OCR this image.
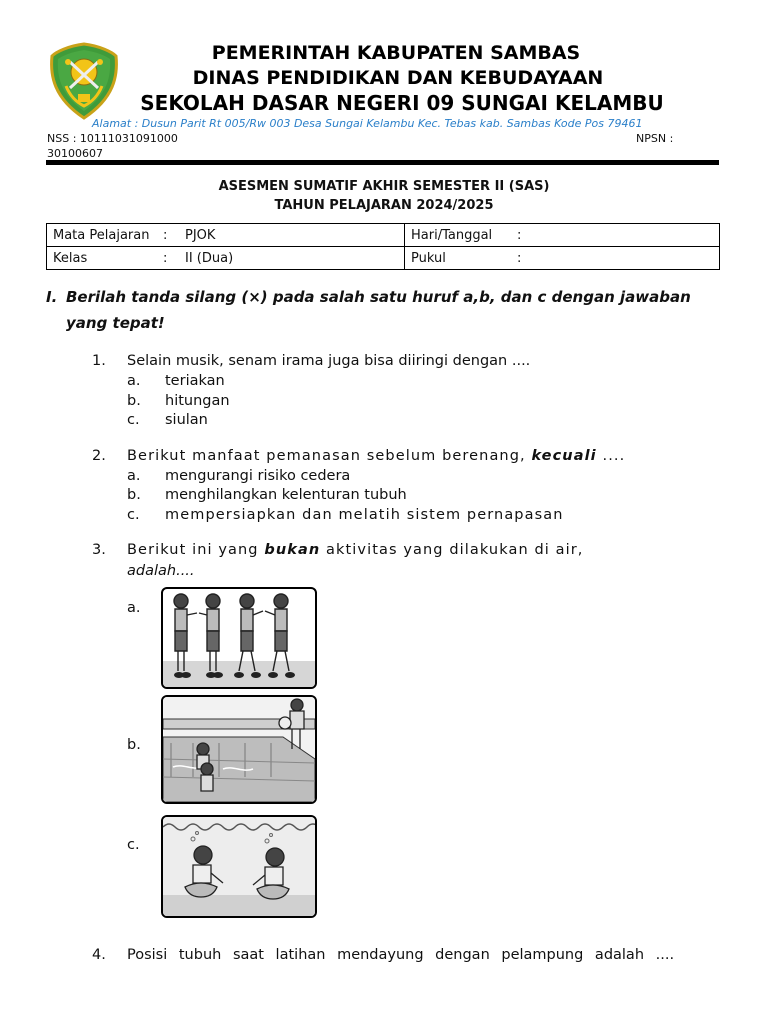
PEMERINTAH KABUPATEN SAMBAS
DINAS PENDIDIKAN DAN KEBUDAYAAN
SEKOLAH DASAR NEGERI 09 SUNGAI KELAMBU
Alamat : Dusun Parit Rt 005/Rw 003 Desa Sungai Kelambu Kec. Tebas kab. Sambas Kode Pos 79461
NSS : 10111031091000	NPSN :
30100607
ASESMEN SUMATIF AKHIR SEMESTER II (SAS)
TAHUN PELAJARAN 2024/2025
Mata Pelajaran : PJOK	Hari/Tanggal :
Kelas : II (Dua)	Pukul :
I. Berilah tanda silang (×) pada salah satu huruf a,b, dan c dengan jawaban
yang tepat!
1. Selain musik, senam irama juga bisa diiringi dengan ....
a. teriakan
b. hitungan
c. siulan
2. Berikut manfaat pemanasan sebelum berenang, kecuali ....
a. mengurangi risiko cedera
b. menghilangkan kelenturan tubuh
c. mempersiapkan dan melatih sistem pernapasan
3. Berikut ini yang bukan aktivitas yang dilakukan di air,
adalah....
a.
b.
c.
4. Posisi tubuh saat latihan mendayung dengan pelampung adalah ....
